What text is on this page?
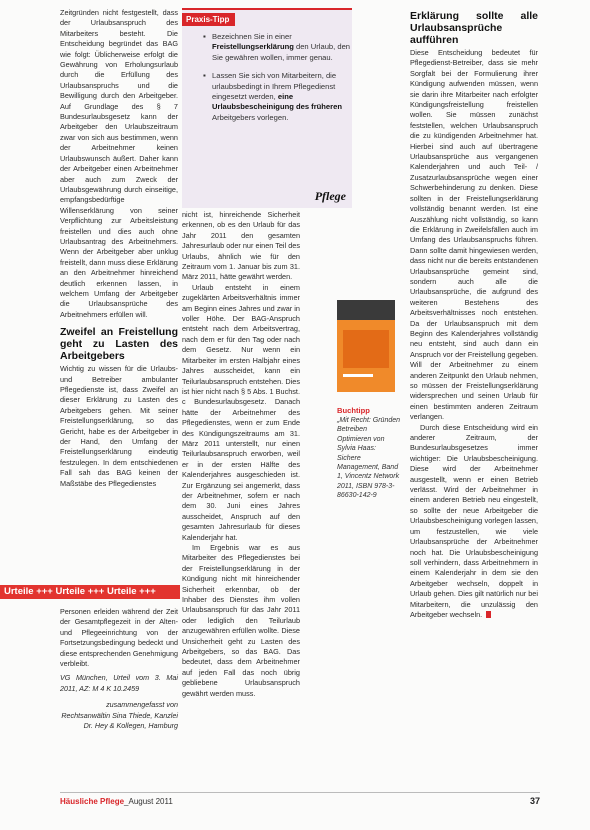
Zeitgründen nicht festgestellt, dass der Urlaubsanspruch des Mitarbeiters besteht. Die Entscheidung begründet das BAG wie folgt: Üblicherweise erfolgt die Gewährung von Erholungsurlaub durch die Erfüllung des Urlaubsanspruchs und die Bewilligung durch den Arbeitgeber. Auf Grundlage des § 7 Bundesurlaubsgesetz kann der Arbeitgeber den Urlaubszeitraum zwar von sich aus bestimmen, wenn der Arbeitnehmer keinen Urlaubswunsch äußert. Daher kann der Arbeitgeber einen Arbeitnehmer aber auch zum Zweck der Urlaubsgewährung durch einseitige, empfangsbedürftige Willenserklärung von seiner Verpflichtung zur Arbeitsleistung freistellen und dies auch ohne Urlaubsantrag des Arbeitnehmers. Wenn der Arbeitgeber aber unklug freistellt, dann muss diese Erklärung an den Arbeitnehmer hinreichend deutlich erkennen lassen, in welchem Umfang der Arbeitgeber die Urlaubsansprüche des Arbeitnehmers erfüllen will.
Zweifel an Freistellung geht zu Lasten des Arbeitgebers
Wichtig zu wissen für die Urlaubs- und Betreiber ambulanter Pflegedienste ist, dass Zweifel an dieser Erklärung zu Lasten des Arbeitgebers gehen. Mit seiner Freistellungserklärung, so das Gericht, habe es der Arbeitgeber in der Hand, den Umfang der Freistellungserklärung eindeutig festzulegen. In dem entschiedenen Fall sah das BAG keinen der Maßstäbe des Pflegedienstes
Urteile +++ Urteile +++ Urteile +++
Personen erleiden während der Zeit der Gesamtpflegezeit in der Alten- und Pflegeeinrichtung von der Fortsetzungsbedingung bedeckt und diese entsprechenden Genehmigung verbleibt.
VG München, Urteil vom 3. Mai 2011, AZ: M 4 K 10.2459
zusammengefasst von Rechtsanwältin Sina Thiede, Kanzlei Dr. Hey & Kollegen, Hamburg
Praxis-Tipp
▪ Bezeichnen Sie in einer Freistellungserklärung den Urlaub, den Sie gewähren wollen, immer genau.
▪ Lassen Sie sich von Mitarbeitern, die urlaubsbedingt in Ihrem Pflegedienst eingesetzt werden, eine Urlaubsbescheinigung des früheren Arbeitgebers vorlegen.
Pflege
nicht ist, hinreichende Sicherheit erkennen, ob es den Urlaub für das Jahr 2011 den gesamten Jahresurlaub oder nur einen Teil des Urlaubs, ähnlich wie für den Zeitraum vom 1. Januar bis zum 31. März 2011, hätte gewährt werden.
Urlaub entsteht in einem zugeklärten Arbeitsverhältnis immer am Beginn eines Jahres und zwar in voller Höhe. Der BAG-Anspruch entsteht nach dem Arbeitsvertrag, nach dem er für den Tag oder nach dem Gesetz. Nur wenn ein Mitarbeiter im ersten Halbjahr eines Jahres ausscheidet, kann ein Teilurlaubsanspruch entstehen. Dies ist hier nicht nach § 5 Abs. 1 Buchst. c Bundesurlaubsgesetz. Danach hätte der Arbeitnehmer des Pflegedienstes, wenn er zum Ende des Kündigungszeitraums am 31. März 2011 unterstellt, nur einen Teilurlaubsanspruch erworben, weil er in der ersten Hälfte des Kalenderjahres ausgeschieden ist. Zur Ergänzung sei angemerkt, dass der Arbeitnehmer, sofern er nach dem 30. Juni eines Jahres ausscheidet, Anspruch auf den gesamten Jahresurlaub für dieses Kalenderjahr hat.
Im Ergebnis war es aus Mitarbeiter des Pflegedienstes bei der Freistellungserklärung in der Kündigung nicht mit hinreichender Sicherheit erkennbar, ob der Inhaber des Dienstes ihm vollen Urlaubsanspruch für das Jahr 2011 oder lediglich den Teilurlaub anzugewähren erfüllen wollte. Diese Unsicherheit geht zu Lasten des Arbeitgebers, so das BAG. Das bedeutet, dass dem Arbeitnehmer auf jeden Fall das noch übrig gebliebene Urlaubsanspruch gewährt werden muss.
Buchtipp
„Mit Recht: Gründen Betreiben Optimieren von Sylvia Haas: Sichere Management, Band 1, Vincentz Network 2011, ISBN 978-3-86630-142-9
Erklärung sollte alle Urlaubsansprüche aufführen
Diese Entscheidung bedeutet für Pflegedienst-Betreiber, dass sie mehr Sorgfalt bei der Formulierung ihrer Kündigung aufwenden müssen, wenn sie darin ihre Mitarbeiter nach erfolgter Kündigungsfreistellung freistellen wollen. Sie müssen zunächst feststellen, welchen Urlaubsanspruch die zu kündigenden Arbeitnehmer hat. Hierbei sind auch auf übertragene Urlaubsansprüche aus vergangenen Kalenderjahren und auch Teil- / Zusatzurlaubsansprüche wegen einer Schwerbehinderung zu denken. Diese sollten in der Freistellungserklärung vollständig benannt werden. Ist eine Auszählung nicht vollständig, so kann die Erklärung in Zweifelsfällen auch im Umfang des Urlaubsanspruchs führen. Dann sollte damit hingewiesen werden, dass nicht nur die bereits entstandenen Urlaubsansprüche gemeint sind, sondern auch alle die Urlaubsansprüche, die aufgrund des weiteren Bestehens des Arbeitsverhältnisses noch entstehen. Da der Urlaubsanspruch mit dem Beginn des Kalenderjahres vollständig neu entsteht, sind auch dann ein Anspruch vor der Freistellung gegeben. Will der Arbeitnehmer zu einem anderen Zeitpunkt den Urlaub nehmen, so müssen der Freistellungserklärung widersprechen und seinen Urlaub für einen bestimmten anderen Zeitraum verlangen.
Durch diese Entscheidung wird ein anderer Zeitraum, der Bundesurlaubsgesetzes immer wichtiger: Die Urlaubsbescheinigung. Diese wird der Arbeitnehmer ausgestellt, wenn er einen Betrieb verlässt. Wird der Arbeitnehmer in einem anderen Betrieb neu eingestellt, so sollte der neue Arbeitgeber die Urlaubsbescheinigung vorlegen lassen, um festzustellen, wie viele Urlaubsansprüche der Arbeitnehmer noch hat. Die Urlaubsbescheinigung soll verhindern, dass Arbeitnehmern in einem Kalenderjahr in dem sie den Arbeitgeber wechseln, doppelt in Urlaub gehen. Dies gilt natürlich nur bei Mitarbeitern, die unzulässig den Arbeitgeber wechseln.
Häusliche Pflege_August 2011	37
